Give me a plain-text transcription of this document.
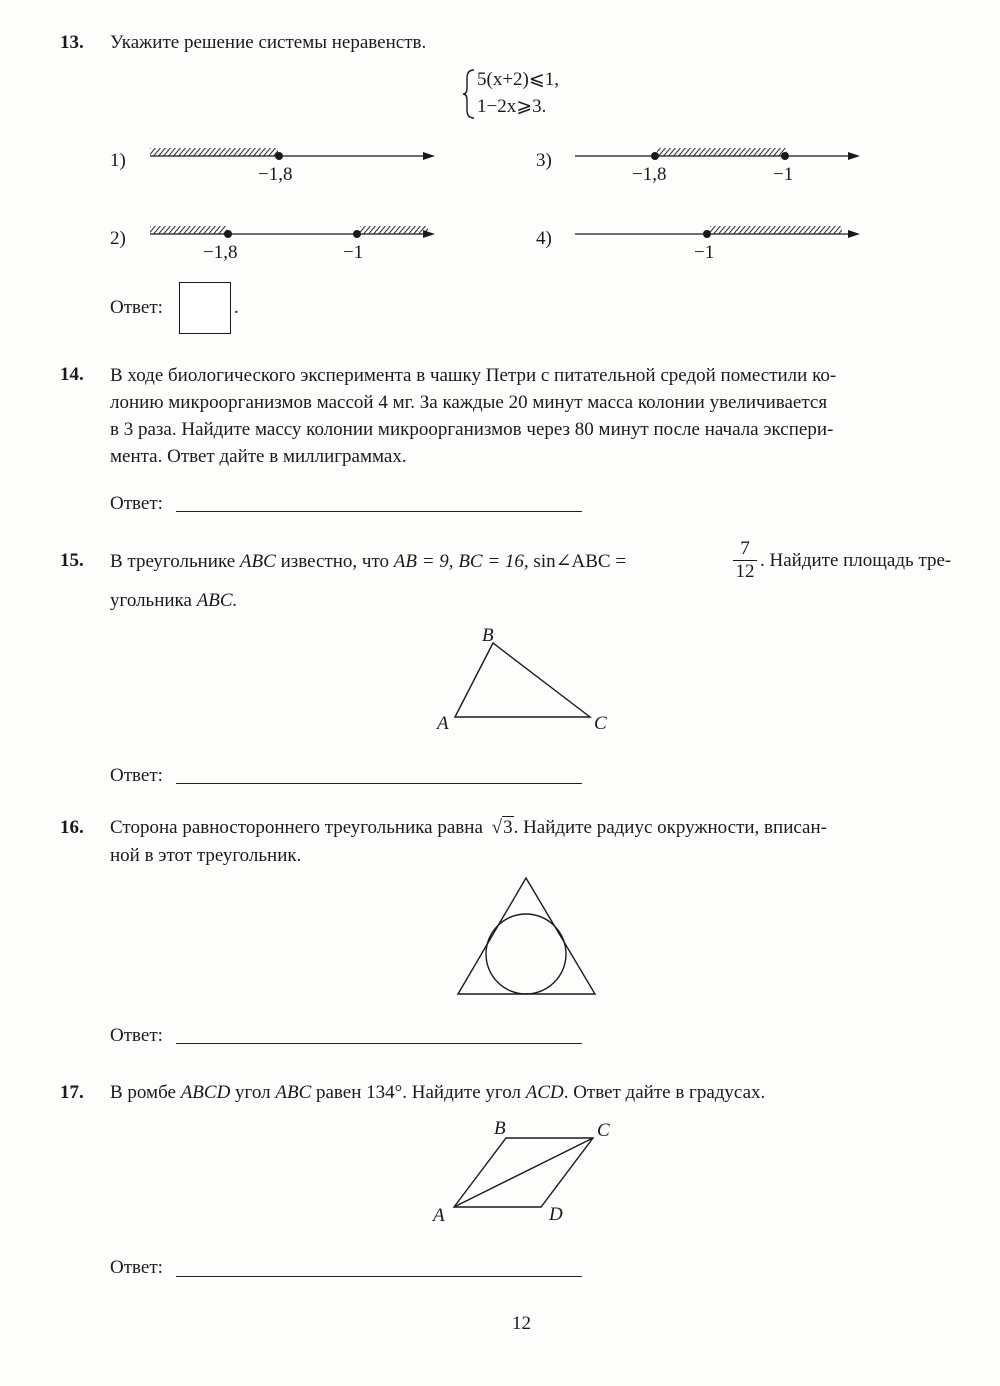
13. Укажите решение системы неравенств.
5(x+2)⩽1,
1−2x⩾3.
1)
−1,8
3)
−1,8	−1
2)
−1,8	−1
4)
−1
Ответ:	.
14. В ходе биологического эксперимента в чашку Петри с питательной средой поместили ко-
лонию микроорганизмов массой 4 мг. За каждые 20 минут масса колонии увеличивается
в 3 раза. Найдите массу колонии микроорганизмов через 80 минут после начала экспери-
мента. Ответ дайте в миллиграммах.
Ответ:
15. В треугольнике ABC известно, что AB = 9, BC = 16, sin∠ABC =
7
12
. Найдите площадь тре-
угольника ABC.
B
A	C
Ответ:
16. Сторона равностороннего треугольника равна √3. Найдите радиус окружности, вписан-
ной в этот треугольник.
Ответ:
17. В ромбе ABCD угол ABC равен 134°. Найдите угол ACD. Ответ дайте в градусах.
B	C
A	D
Ответ:
12
